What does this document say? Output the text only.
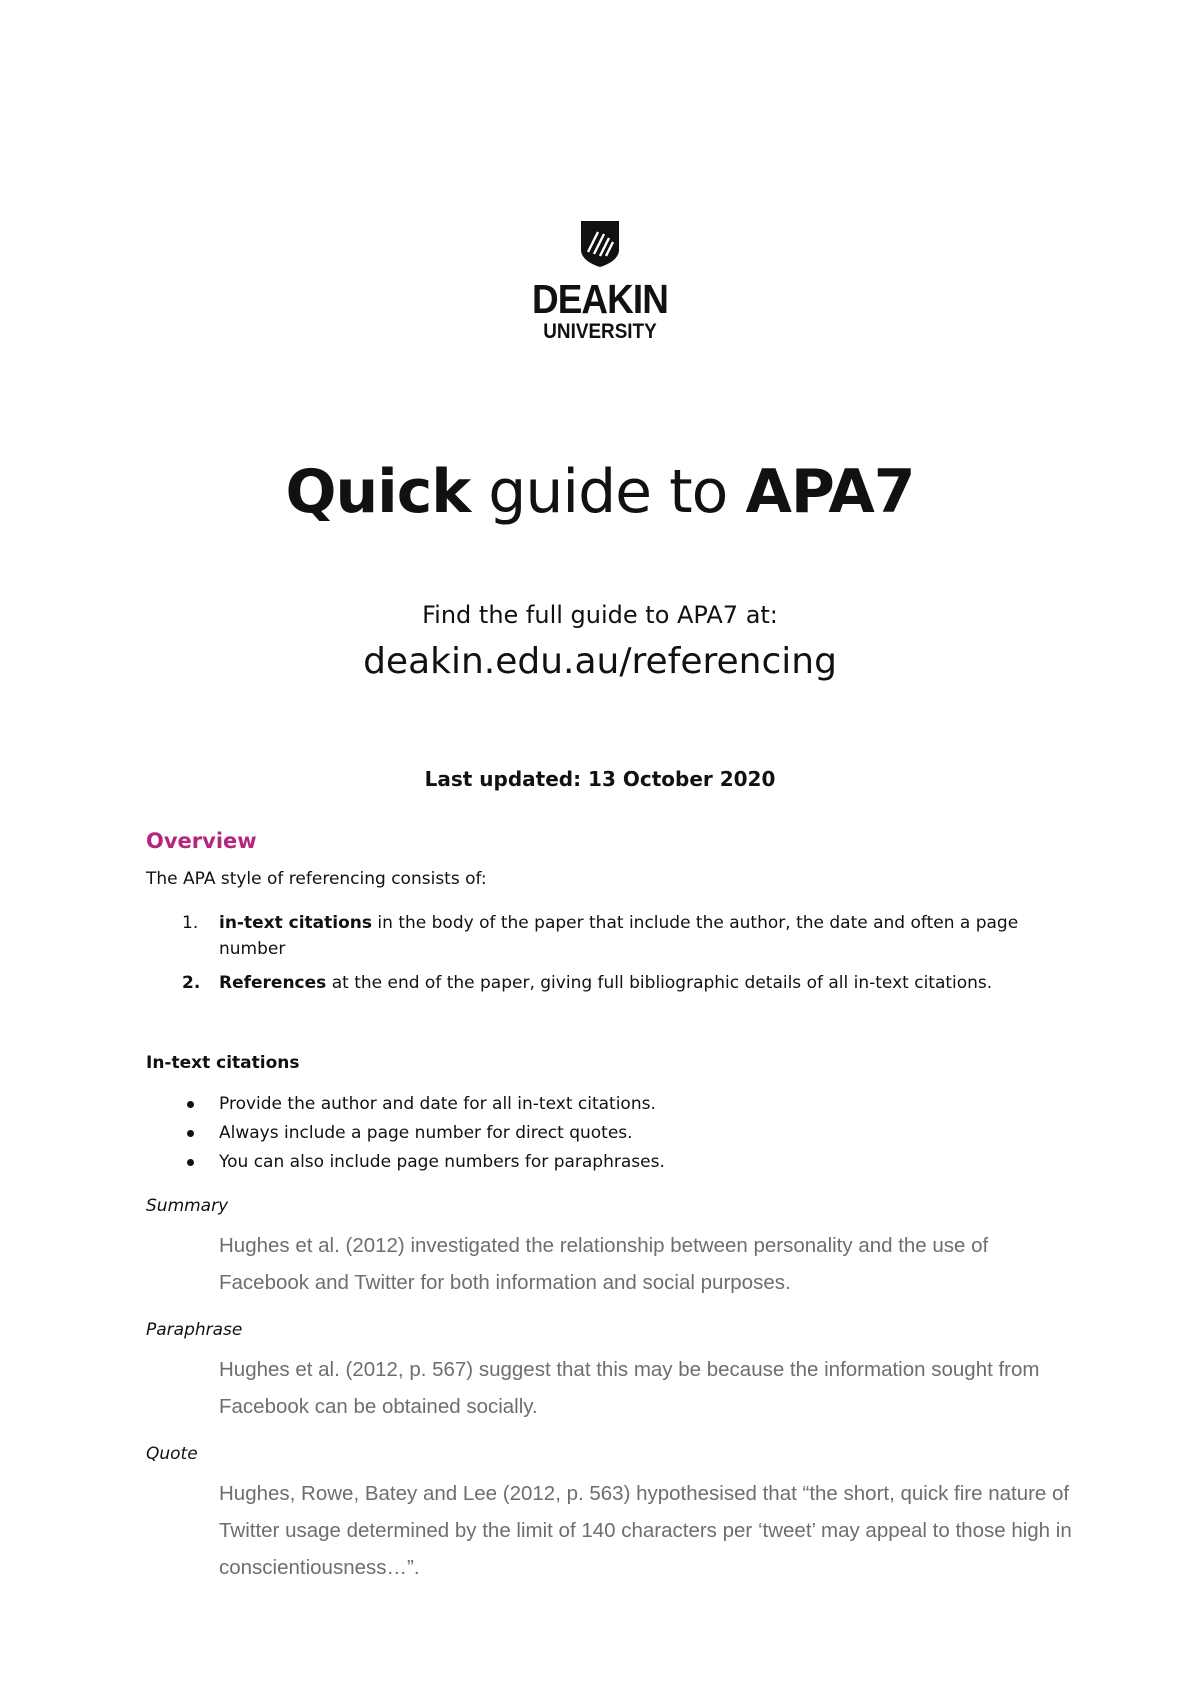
DEAKIN
UNIVERSITY
Quick guide to APA7
Find the full guide to APA7 at:
deakin.edu.au/referencing
Last updated: 13 October 2020
Overview

The APA style of referencing consists of:

1. in-text citations in the body of the paper that include the author, the date and often a page number
2. References at the end of the paper, giving full bibliographic details of all in-text citations.
In-text citations
Provide the author and date for all in-text citations.
Always include a page number for direct quotes.
You can also include page numbers for paraphrases.
Summary
Hughes et al. (2012) investigated the relationship between personality and the use of Facebook and Twitter for both information and social purposes.
Paraphrase
Hughes et al. (2012, p. 567) suggest that this may be because the information sought from Facebook can be obtained socially.
Quote
Hughes, Rowe, Batey and Lee (2012, p. 563) hypothesised that “the short, quick fire nature of Twitter usage determined by the limit of 140 characters per ‘tweet’ may appeal to those high in conscientiousness…”.
